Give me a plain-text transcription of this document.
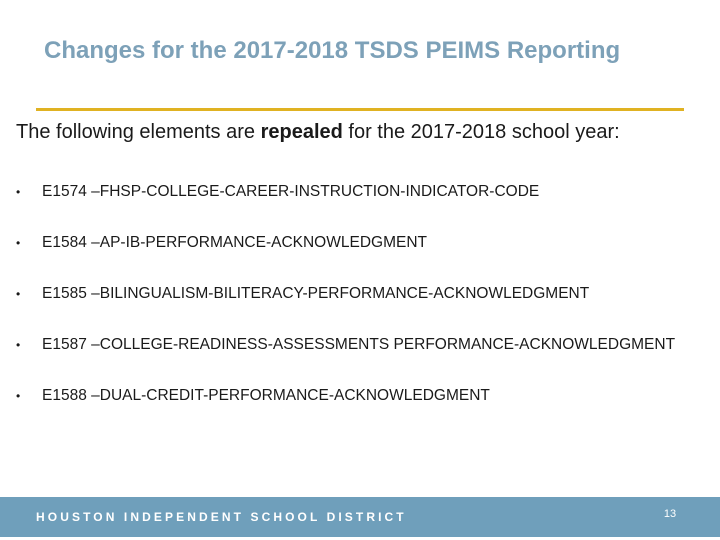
Changes for the 2017-2018 TSDS PEIMS Reporting
The following elements are repealed for the 2017-2018 school year:
•	E1574 –FHSP-COLLEGE-CAREER-INSTRUCTION-INDICATOR-CODE
•	E1584 –AP-IB-PERFORMANCE-ACKNOWLEDGMENT
•	E1585 –BILINGUALISM-BILITERACY-PERFORMANCE-ACKNOWLEDGMENT
•	E1587 –COLLEGE-READINESS-ASSESSMENTS PERFORMANCE-ACKNOWLEDGMENT
•	E1588 –DUAL-CREDIT-PERFORMANCE-ACKNOWLEDGMENT
HOUSTON INDEPENDENT SCHOOL DISTRICT	13
